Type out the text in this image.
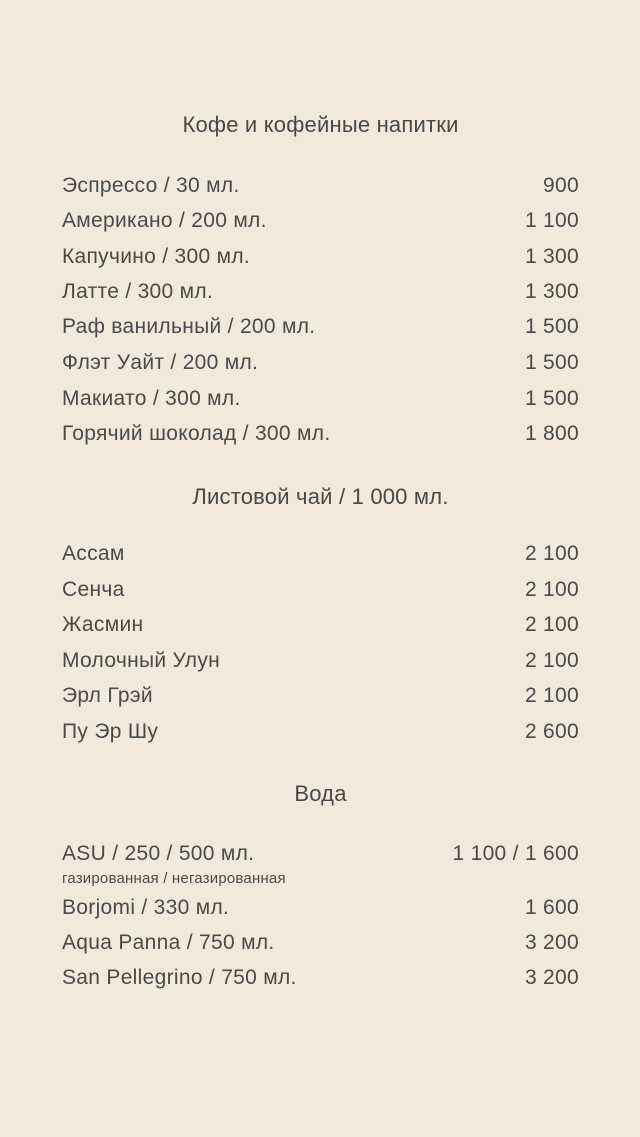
Кофе и кофейные напитки
Эспрессо / 30 мл.	900
Американо / 200 мл.	1 100
Капучино / 300 мл.	1 300
Латте / 300 мл.	1 300
Раф ванильный / 200 мл.	1 500
Флэт Уайт / 200 мл.	1 500
Макиато / 300 мл.	1 500
Горячий шоколад / 300 мл.	1 800
Листовой чай / 1 000 мл.
Ассам	2 100
Сенча	2 100
Жасмин	2 100
Молочный Улун	2 100
Эрл Грэй	2 100
Пу Эр Шу	2 600
Вода
ASU / 250 / 500 мл.	1 100 / 1 600
газированная / негазированная
Borjomi / 330 мл.	1 600
Aqua Panna / 750 мл.	3 200
San Pellegrino / 750 мл.	3 200
